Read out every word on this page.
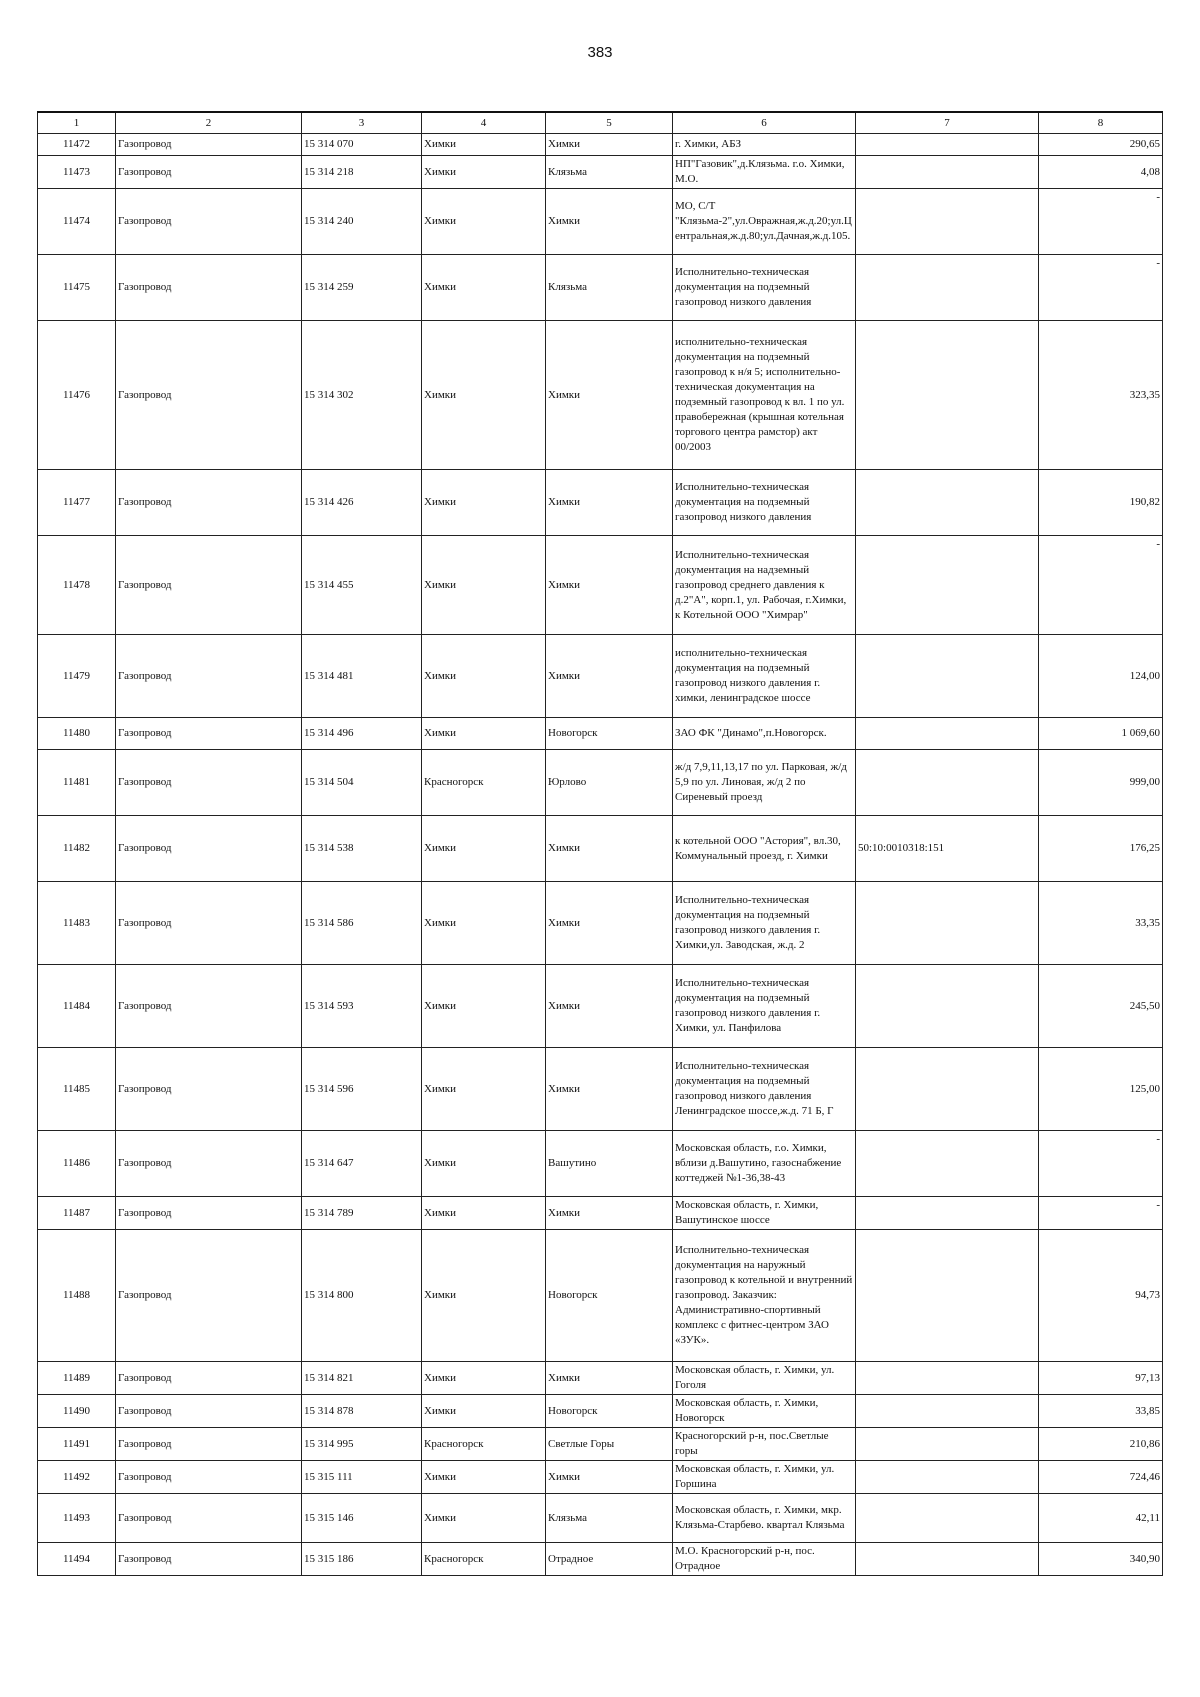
383
1	2	3	4	5	6	7	8
11472	Газопровод	15 314 070	Химки	Химки	г. Химки, АБЗ		290,65
11473	Газопровод	15 314 218	Химки	Клязьма	НП"Газовик",д.Клязьма. г.о. Химки, М.О.		4,08
11474	Газопровод	15 314 240	Химки	Химки	МО, С/Т "Клязьма-2",ул.Овражная,ж.д.20;ул.Центральная,ж.д.80;ул.Дачная,ж.д.105.		-
11475	Газопровод	15 314 259	Химки	Клязьма	Исполнительно-техническая документация на подземный газопровод низкого давления		-
11476	Газопровод	15 314 302	Химки	Химки	исполнительно-техническая документация на подземный газопровод к н/я 5; исполнительно-техническая документация на подземный газопровод к вл. 1 по ул. правобережная (крышная котельная торгового центра рамстор) акт 00/2003		323,35
11477	Газопровод	15 314 426	Химки	Химки	Исполнительно-техническая документация на подземный газопровод низкого давления		190,82
11478	Газопровод	15 314 455	Химки	Химки	Исполнительно-техническая документация на надземный газопровод среднего давления к д.2"А", корп.1, ул. Рабочая, г.Химки, к Котельной ООО "Химрар"		-
11479	Газопровод	15 314 481	Химки	Химки	исполнительно-техническая документация на подземный газопровод низкого давления г. химки, ленинградское шоссе		124,00
11480	Газопровод	15 314 496	Химки	Новогорск	ЗАО ФК "Динамо",п.Новогорск.		1 069,60
11481	Газопровод	15 314 504	Красногорск	Юрлово	ж/д 7,9,11,13,17 по ул. Парковая, ж/д 5,9 по ул. Линовая, ж/д 2 по Сиреневый проезд		999,00
11482	Газопровод	15 314 538	Химки	Химки	к котельной ООО "Астория", вл.30, Коммунальный проезд, г. Химки	50:10:0010318:151	176,25
11483	Газопровод	15 314 586	Химки	Химки	Исполнительно-техническая документация на подземный газопровод низкого давления г. Химки,ул. Заводская, ж.д. 2		33,35
11484	Газопровод	15 314 593	Химки	Химки	Исполнительно-техническая документация на подземный газопровод низкого давления г. Химки, ул. Панфилова		245,50
11485	Газопровод	15 314 596	Химки	Химки	Исполнительно-техническая документация на подземный газопровод низкого давления Ленинградское шоссе,ж.д. 71 Б, Г		125,00
11486	Газопровод	15 314 647	Химки	Вашутино	Московская область, г.о. Химки, вблизи д.Вашутино, газоснабжение коттеджей №1-36,38-43		-
11487	Газопровод	15 314 789	Химки	Химки	Московская область, г. Химки, Вашутинское шоссе		-
11488	Газопровод	15 314 800	Химки	Новогорск	Исполнительно-техническая документация на наружный газопровод к котельной и внутренний газопровод. Заказчик: Административно-спортивный комплекс с фитнес-центром ЗАО «ЗУК».		94,73
11489	Газопровод	15 314 821	Химки	Химки	Московская область, г. Химки, ул. Гоголя		97,13
11490	Газопровод	15 314 878	Химки	Новогорск	Московская область, г. Химки, Новогорск		33,85
11491	Газопровод	15 314 995	Красногорск	Светлые Горы	Красногорский р-н, пос.Светлые горы		210,86
11492	Газопровод	15 315 111	Химки	Химки	Московская область, г. Химки, ул. Горшина		724,46
11493	Газопровод	15 315 146	Химки	Клязьма	Московская область, г. Химки, мкр. Клязьма-Старбево. квартал Клязьма		42,11
11494	Газопровод	15 315 186	Красногорск	Отрадное	М.О. Красногорский р-н, пос. Отрадное		340,90
